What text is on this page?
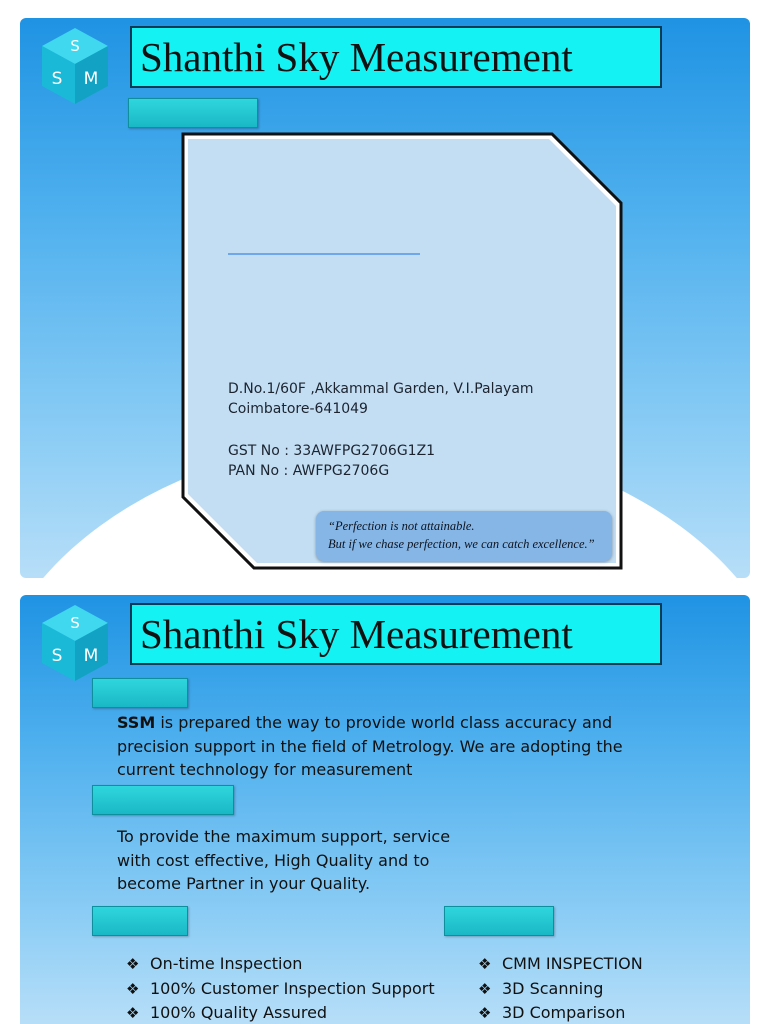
S
S M Shanthi Sky Measurement
D.No.1/60F ,Akkammal Garden, V.I.Palayam
Coimbatore-641049
GST No : 33AWFPG2706G1Z1
PAN No : AWFPG2706G
“Perfection is not attainable.
But if we chase perfection, we can catch excellence.”
S
S M Shanthi Sky Measurement
SSM is prepared the way to provide world class accuracy and precision support in the field of Metrology. We are adopting the current technology for measurement
To provide the maximum support, service with cost effective, High Quality and to become Partner in your Quality.
❖ On-time Inspection
❖ 100% Customer Inspection Support
❖ 100% Quality Assured
❖ CMM INSPECTION
❖ 3D Scanning
❖ 3D Comparison
